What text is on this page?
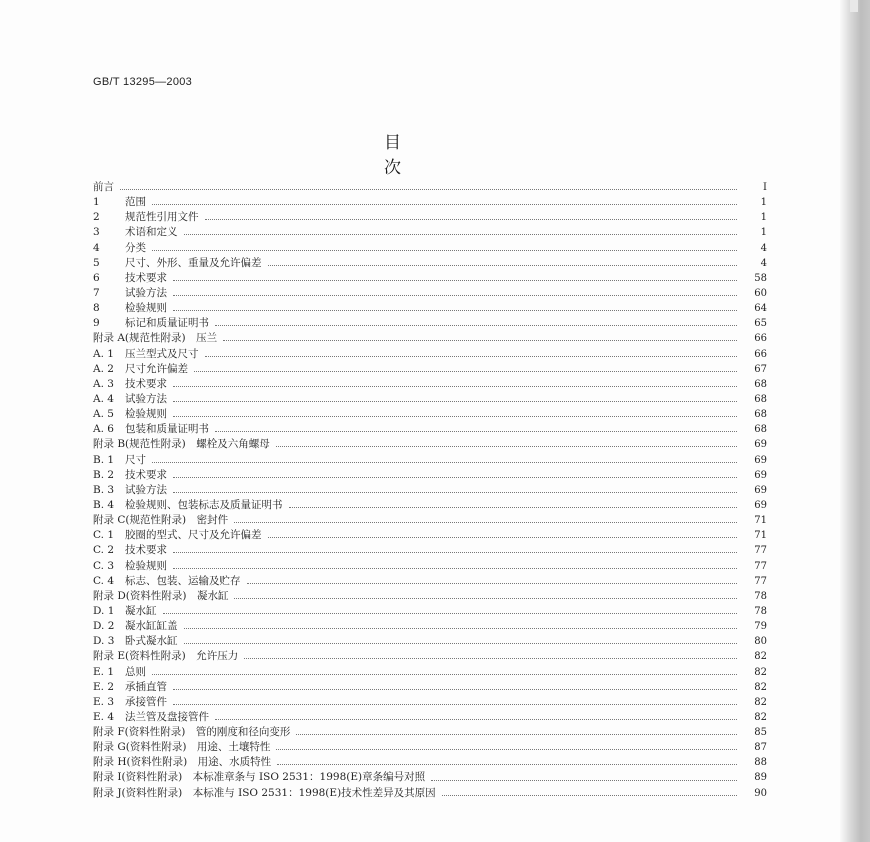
GB/T 13295—2003
目 次
前言	I
1	范围	1
2	规范性引用文件	1
3	术语和定义	1
4	分类	4
5	尺寸、外形、重量及允许偏差	4
6	技术要求	58
7	试验方法	60
8	检验规则	64
9	标记和质量证明书	65
附录 A(规范性附录)　压兰	66
A. 1	压兰型式及尺寸	66
A. 2	尺寸允许偏差	67
A. 3	技术要求	68
A. 4	试验方法	68
A. 5	检验规则	68
A. 6	包装和质量证明书	68
附录 B(规范性附录)　螺栓及六角螺母	69
B. 1	尺寸	69
B. 2	技术要求	69
B. 3	试验方法	69
B. 4	检验规则、包装标志及质量证明书	69
附录 C(规范性附录)　密封件	71
C. 1	胶圈的型式、尺寸及允许偏差	71
C. 2	技术要求	77
C. 3	检验规则	77
C. 4	标志、包装、运输及贮存	77
附录 D(资料性附录)　凝水缸	78
D. 1	凝水缸	78
D. 2	凝水缸缸盖	79
D. 3	卧式凝水缸	80
附录 E(资料性附录)　允许压力	82
E. 1	总则	82
E. 2	承插直管	82
E. 3	承接管件	82
E. 4	法兰管及盘接管件	82
附录 F(资料性附录)　管的刚度和径向变形	85
附录 G(资料性附录)　用途、土壤特性	87
附录 H(资料性附录)　用途、水质特性	88
附录 I(资料性附录)　本标准章条与 ISO 2531：1998(E)章条编号对照	89
附录 J(资料性附录)　本标准与 ISO 2531：1998(E)技术性差异及其原因	90
